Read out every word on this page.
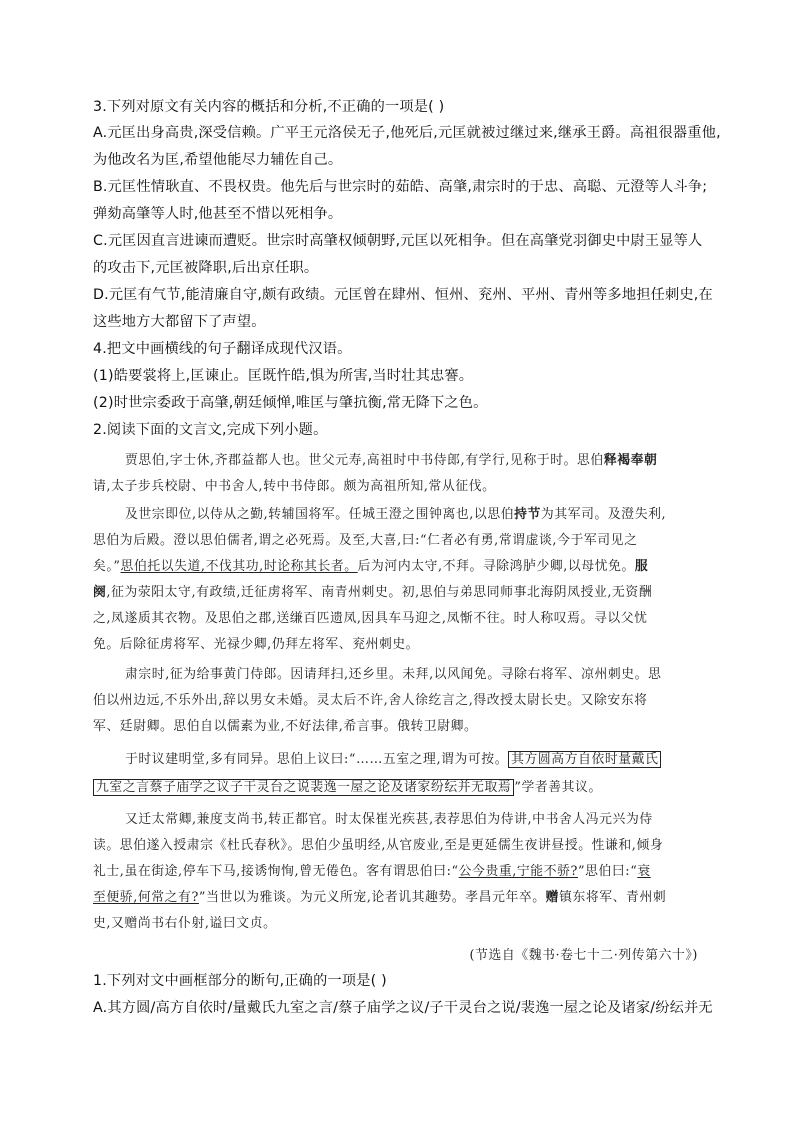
3.下列对原文有关内容的概括和分析,不正确的一项是( )
A.元匡出身高贵,深受信赖。广平王元洛侯无子,他死后,元匡就被过继过来,继承王爵。高祖很器重他,
为他改名为匡,希望他能尽力辅佐自己。
B.元匡性情耿直、不畏权贵。他先后与世宗时的茹皓、高肇,肃宗时的于忠、高聪、元澄等人斗争;
弹劾高肇等人时,他甚至不惜以死相争。
C.元匡因直言进谏而遭贬。世宗时高肇权倾朝野,元匡以死相争。但在高肇党羽御史中尉王显等人
的攻击下,元匡被降职,后出京任职。
D.元匡有气节,能清廉自守,颇有政绩。元匡曾在肆州、恒州、兖州、平州、青州等多地担任刺史,在
这些地方大都留下了声望。
4.把文中画横线的句子翻译成现代汉语。
(1)皓要裳将上,匡谏止。匡既忤皓,惧为所害,当时壮其忠謇。
(2)时世宗委政于高肇,朝廷倾惮,唯匡与肇抗衡,常无降下之色。
2.阅读下面的文言文,完成下列小题。
贾思伯,字士休,齐郡益都人也。世父元寿,高祖时中书侍郎,有学行,见称于时。思伯释褐奉朝
请,太子步兵校尉、中书舍人,转中书侍郎。颇为高祖所知,常从征伐。
及世宗即位,以侍从之勤,转辅国将军。任城王澄之围钟离也,以思伯持节为其军司。及澄失利,
思伯为后殿。澄以思伯儒者,谓之必死焉。及至,大喜,曰:“仁者必有勇,常谓虚谈,今于军司见之
矣。”思伯托以失道,不伐其功,时论称其长者。后为河内太守,不拜。寻除鸿胪少卿,以母忧免。服
阕,征为荥阳太守,有政绩,迁征虏将军、南青州刺史。初,思伯与弟思同师事北海阴凤授业,无资酬
之,凤遂质其衣物。及思伯之郡,送缣百匹遗凤,因具车马迎之,凤惭不往。时人称叹焉。寻以父忧
免。后除征虏将军、光禄少卿,仍拜左将军、兖州刺史。
肃宗时,征为给事黄门侍郎。因请拜扫,还乡里。未拜,以风闻免。寻除右将军、凉州刺史。思
伯以州边远,不乐外出,辞以男女未婚。灵太后不许,舍人徐纥言之,得改授太尉长史。又除安东将
军、廷尉卿。思伯自以儒素为业,不好法律,希言事。俄转卫尉卿。
于时议建明堂,多有同异。思伯上议曰:“……五室之理,谓为可按。 其方圆高方自依时量戴氏
九室之言蔡子庙学之议子干灵台之说裴逸一屋之论及诸家纷纭并无取焉 ”学者善其议。
又迁太常卿,兼度支尚书,转正都官。时太保崔光疾甚,表荐思伯为侍讲,中书舍人冯元兴为侍
读。思伯遂入授肃宗《杜氏春秋》。思伯少虽明经,从官废业,至是更延儒生夜讲昼授。性谦和,倾身
礼士,虽在街途,停车下马,接诱恂恂,曾无倦色。客有谓思伯曰:“公今贵重,宁能不骄?”思伯曰:“衰
至便骄,何常之有?”当世以为雅谈。为元义所宠,论者讥其趣势。孝昌元年卒。赠镇东将军、青州刺
史,又赠尚书右仆射,谥曰文贞。
(节选自《魏书·卷七十二·列传第六十》)
1.下列对文中画框部分的断句,正确的一项是( )
A.其方圆/高方自依时/量戴氏九室之言/蔡子庙学之议/子干灵台之说/裴逸一屋之论及诸家/纷纭并无
